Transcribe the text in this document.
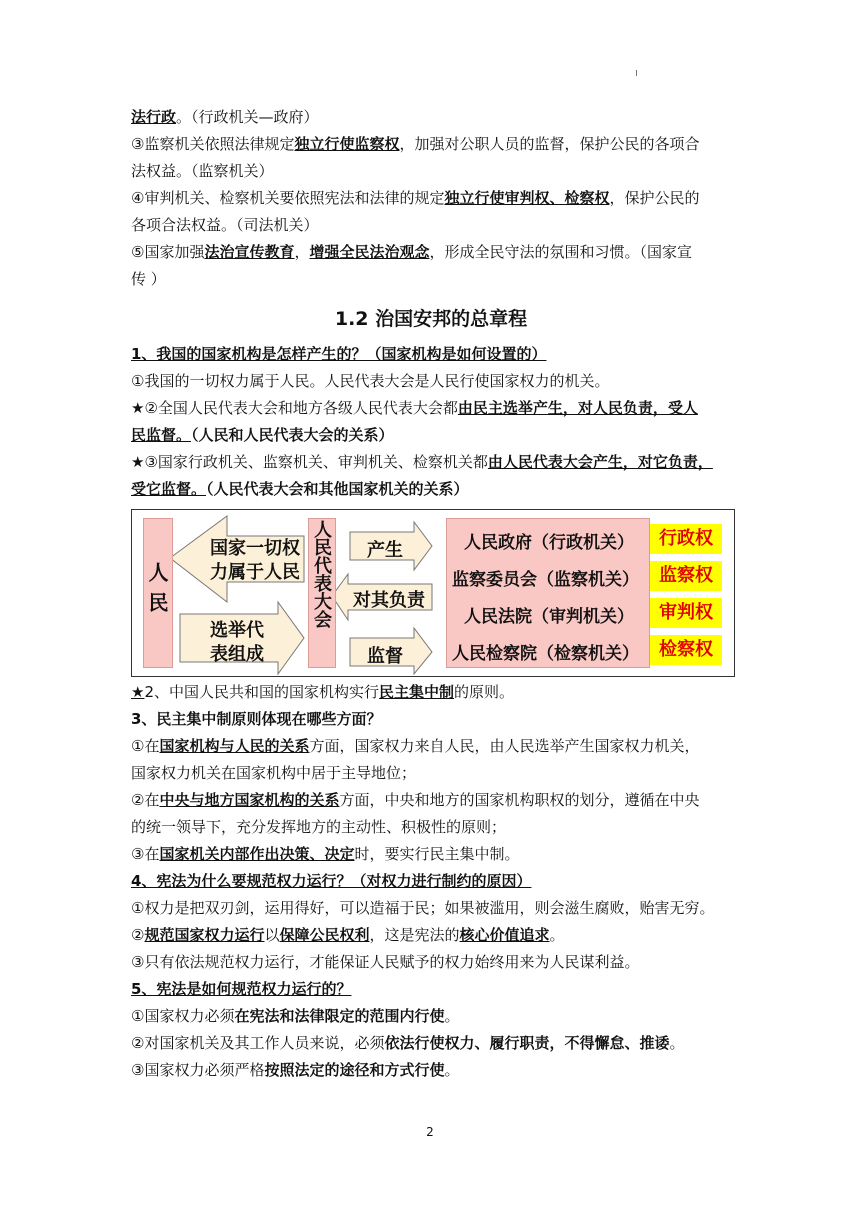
法行政。（行政机关—政府）
③监察机关依照法律规定独立行使监察权，加强对公职人员的监督，保护公民的各项合
法权益。（监察机关）
④审判机关、检察机关要依照宪法和法律的规定独立行使审判权、检察权，保护公民的
各项合法权益。（司法机关）
⑤国家加强法治宣传教育，增强全民法治观念，形成全民守法的氛围和习惯。（国家宣
传 ）
1.2 治国安邦的总章程
1、我国的国家机构是怎样产生的？（国家机构是如何设置的）
①我国的一切权力属于人民。人民代表大会是人民行使国家权力的机关。
★②全国人民代表大会和地方各级人民代表大会都由民主选举产生，对人民负责，受人
民监督。（人民和人民代表大会的关系）
★③国家行政机关、监察机关、审判机关、检察机关都由人民代表大会产生，对它负责，
受它监督。（人民代表大会和其他国家机关的关系）
人民
国家一切权
力属于人民
选举代
表组成
人民代表大会	产生
对其负责
监督
人民政府（行政机关）	行政权
监察委员会（监察机关）	监察权
人民法院（审判机关）	审判权
人民检察院（检察机关）	检察权
★2、中国人民共和国的国家机构实行民主集中制的原则。
3、民主集中制原则体现在哪些方面？
①在国家机构与人民的关系方面，国家权力来自人民，由人民选举产生国家权力机关，
国家权力机关在国家机构中居于主导地位；
②在中央与地方国家机构的关系方面，中央和地方的国家机构职权的划分，遵循在中央
的统一领导下，充分发挥地方的主动性、积极性的原则；
③在国家机关内部作出决策、决定时，要实行民主集中制。
4、宪法为什么要规范权力运行？（对权力进行制约的原因）
①权力是把双刃剑，运用得好，可以造福于民；如果被滥用，则会滋生腐败，贻害无穷。
②规范国家权力运行以保障公民权利，这是宪法的核心价值追求。
③只有依法规范权力运行，才能保证人民赋予的权力始终用来为人民谋利益。
5、宪法是如何规范权力运行的？
①国家权力必须在宪法和法律限定的范围内行使。
②对国家机关及其工作人员来说，必须依法行使权力、履行职责，不得懈怠、推诿。
③国家权力必须严格按照法定的途径和方式行使。
2
